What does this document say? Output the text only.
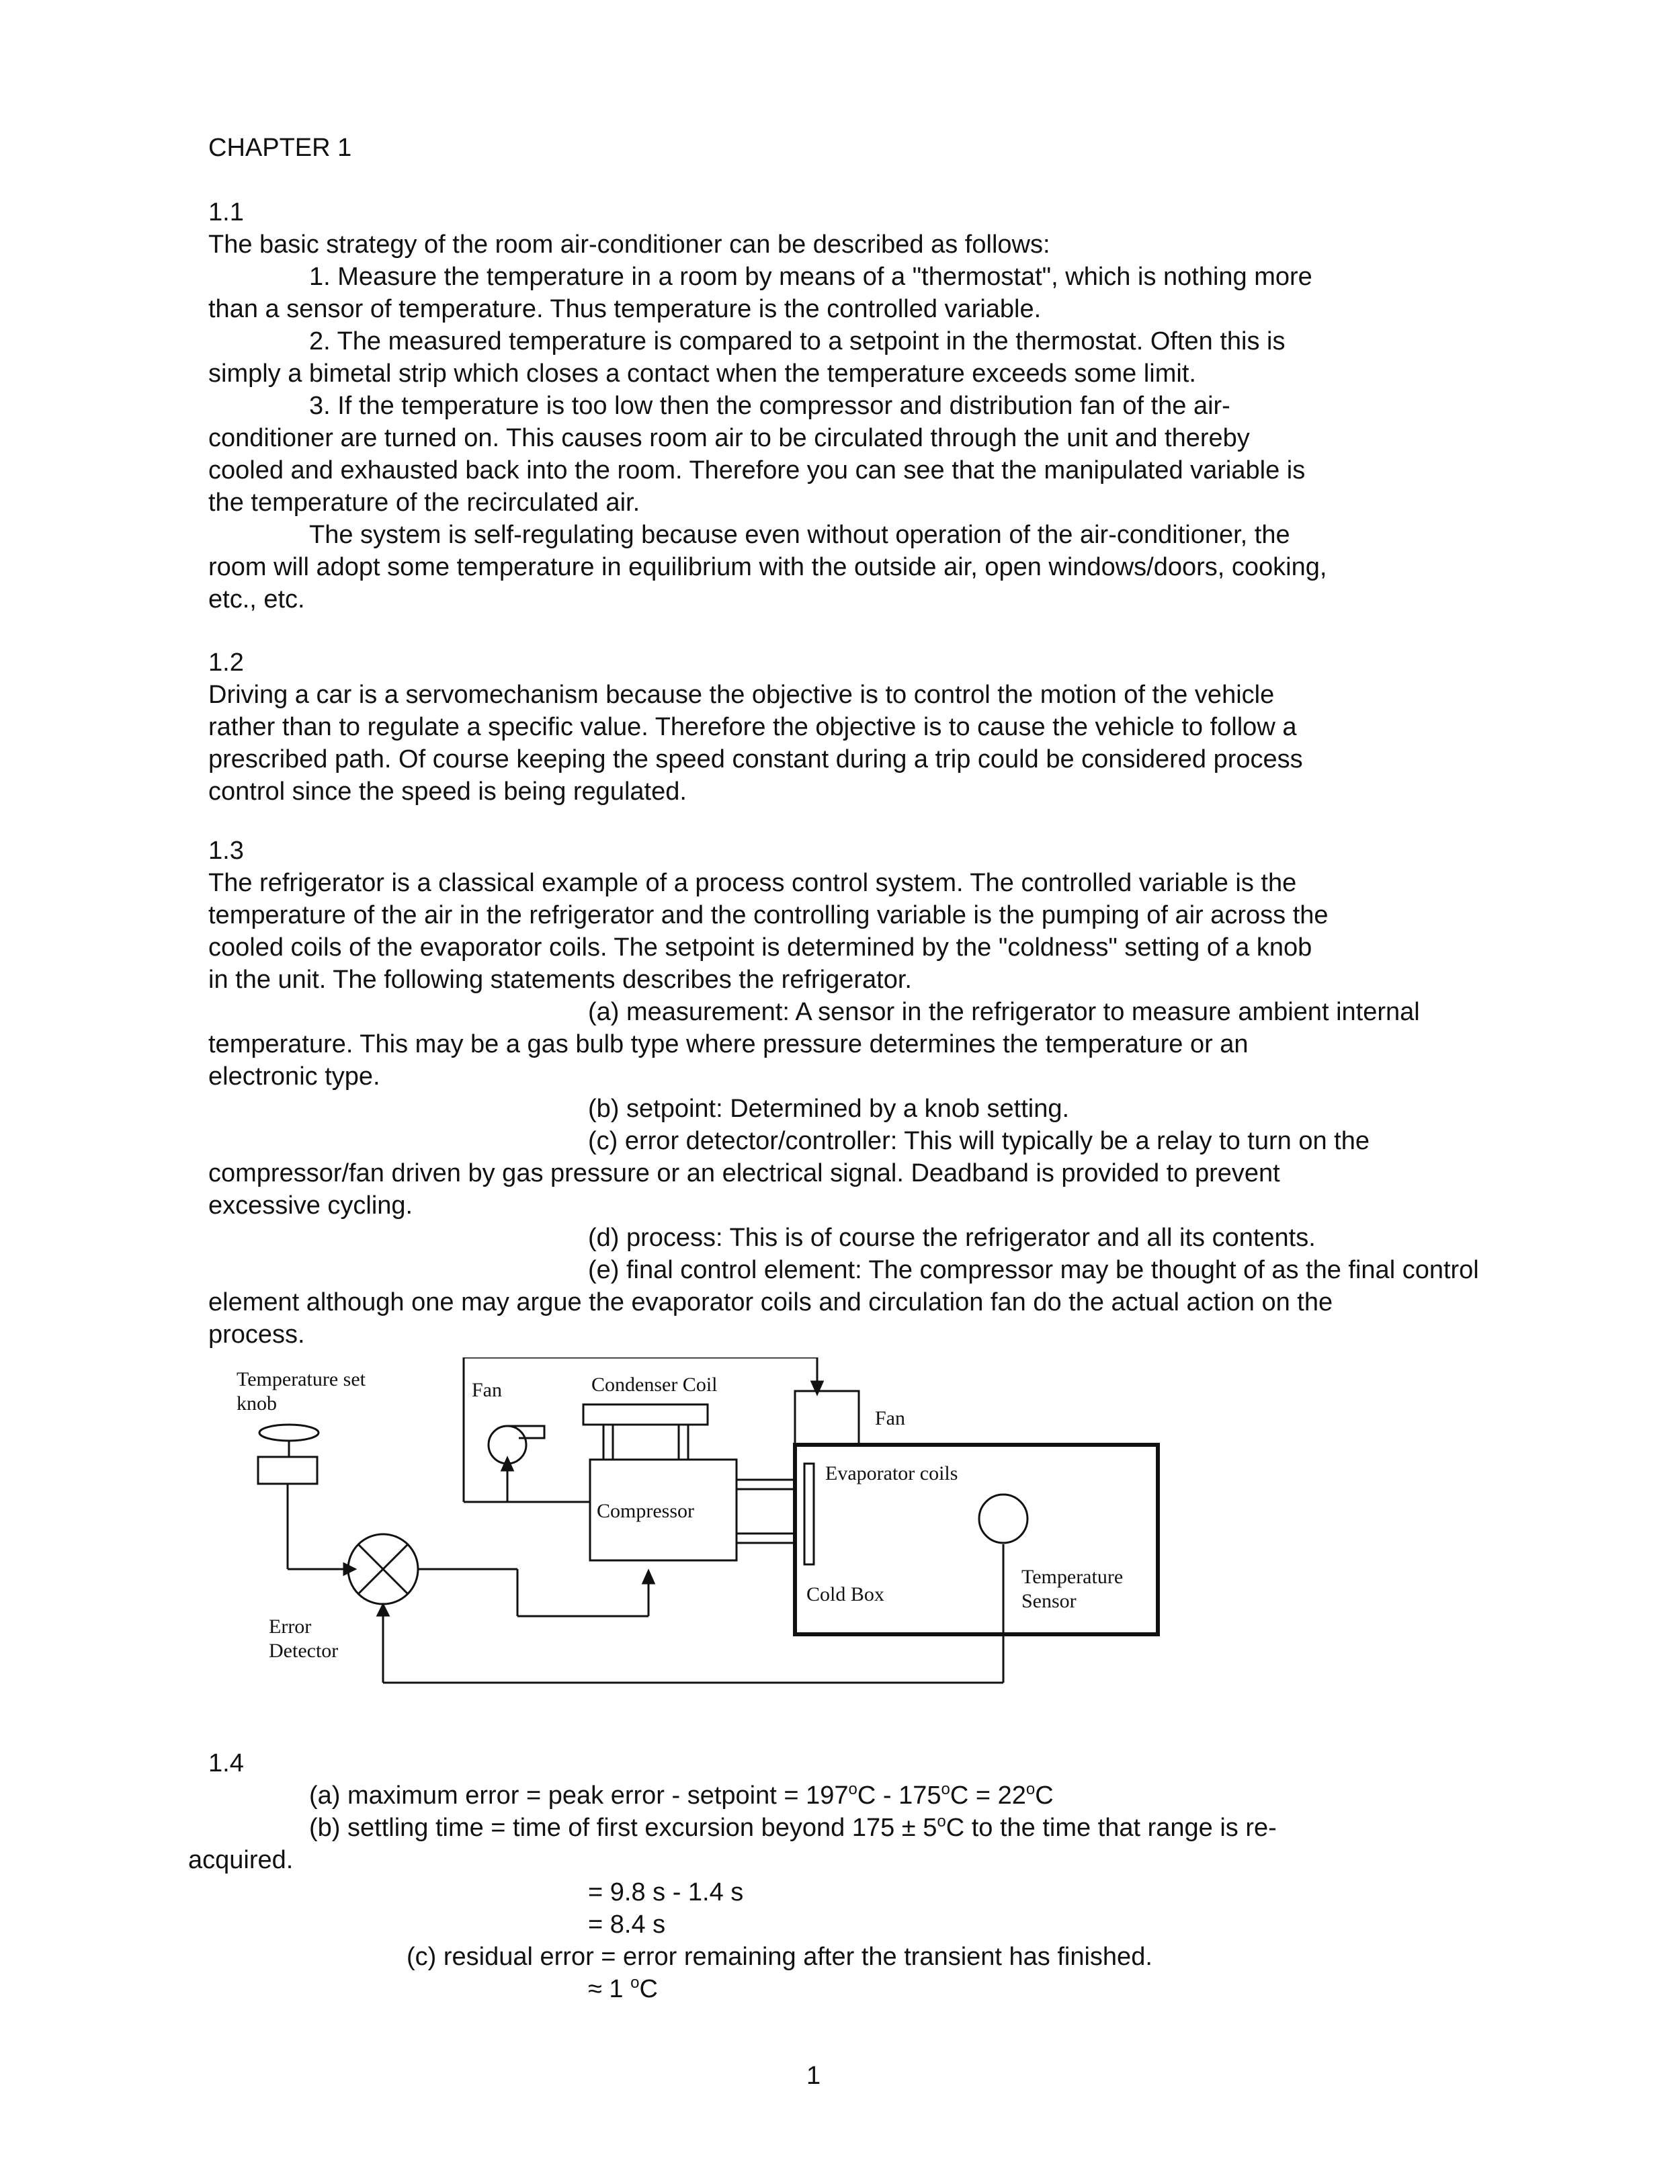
CHAPTER 1

1.1

The basic strategy of the room air-conditioner can be described as follows:

1. Measure the temperature in a room by means of a "thermostat", which is nothing more

than a sensor of temperature. Thus temperature is the controlled variable.

2. The measured temperature is compared to a setpoint in the thermostat. Often this is

simply a bimetal strip which closes a contact when the temperature exceeds some limit.

3. If the temperature is too low then the compressor and distribution fan of the air-

conditioner are turned on. This causes room air to be circulated through the unit and thereby

cooled and exhausted back into the room. Therefore you can see that the manipulated variable is

the temperature of the recirculated air.

The system is self-regulating because even without operation of the air-conditioner, the

room will adopt some temperature in equilibrium with the outside air, open windows/doors, cooking,

etc., etc.

1.2

Driving a car is a servomechanism because the objective is to control the motion of the vehicle

rather than to regulate a specific value. Therefore the objective is to cause the vehicle to follow a

prescribed path. Of course keeping the speed constant during a trip could be considered process

control since the speed is being regulated.

1.3

The refrigerator is a classical example of a process control system. The controlled variable is the

temperature of the air in the refrigerator and the controlling variable is the pumping of air across the

cooled coils of the evaporator coils. The setpoint is determined by the "coldness" setting of a knob

in the unit. The following statements describes the refrigerator.

(a) measurement: A sensor in the refrigerator to measure ambient internal

temperature. This may be a gas bulb type where pressure determines the temperature or an

electronic type.

(b) setpoint: Determined by a knob setting.

(c) error detector/controller: This will typically be a relay to turn on the

compressor/fan driven by gas pressure or an electrical signal. Deadband is provided to prevent

excessive cycling.

(d) process: This is of course the refrigerator and all its contents.

(e) final control element: The compressor may be thought of as the final control

element although one may argue the evaporator coils and circulation fan do the actual action on the

process.

Temperature set
knob
Error
Detector
Fan	Condenser Coil
Compressor
Cold Box
Fan
Evaporator coils
Temperature
Sensor

1.4

(a) maximum error = peak error - setpoint = $197^oC - 175^oC = 22^oC$

(b) settling time = time of first excursion beyond $175 \pm 5^oC$ to the time that range is re-

acquired.

= 9.8 s - 1.4 s

= 8.4 s

(c) residual error = error remaining after the transient has finished.

≈ 1 $^o$C

1
